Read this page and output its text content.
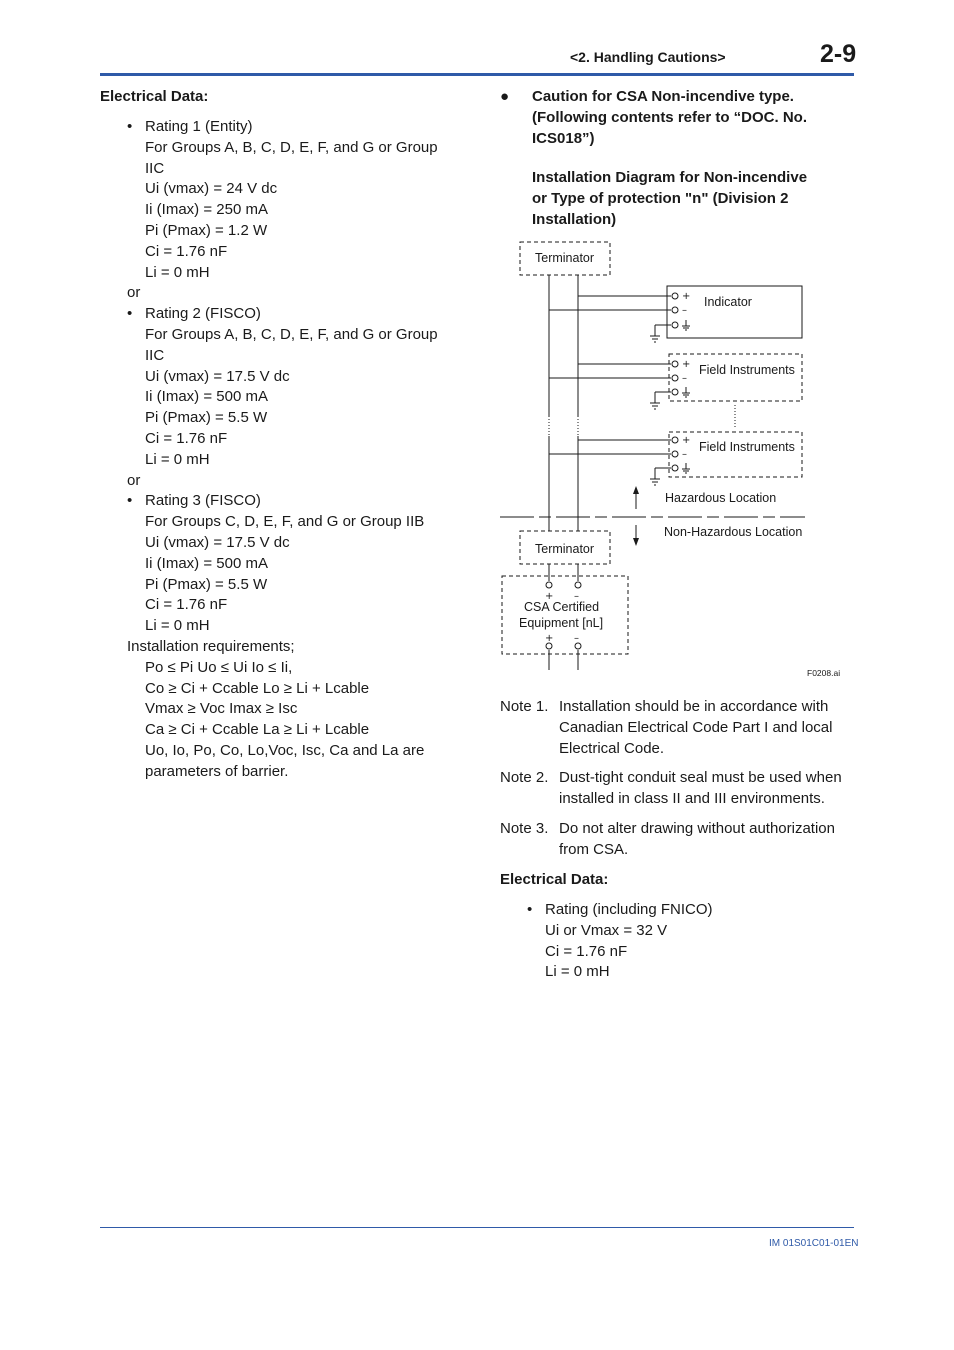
<2. Handling Cautions>	2-9
Electrical Data:
• Rating 1 (Entity)
For Groups A, B, C, D, E, F, and G or Group
IIC
Ui (vmax) = 24 V dc
Ii (Imax) = 250 mA
Pi (Pmax) = 1.2 W
Ci = 1.76 nF
Li = 0 mH
or
• Rating 2 (FISCO)
For Groups A, B, C, D, E, F, and G or Group
IIC
Ui (vmax) = 17.5 V dc
Ii (Imax) = 500 mA
Pi (Pmax) = 5.5 W
Ci = 1.76 nF
Li = 0 mH
or
• Rating 3 (FISCO)
For Groups C, D, E, F, and G or Group IIB
Ui (vmax) = 17.5 V dc
Ii (Imax) = 500 mA
Pi (Pmax) = 5.5 W
Ci = 1.76 nF
Li = 0 mH
Installation requirements;
Po ≤ Pi Uo ≤ Ui Io ≤ Ii,
Co ≥ Ci + Ccable Lo ≥ Li + Lcable
Vmax ≥ Voc Imax ≥ Isc
Ca ≥ Ci + Ccable La ≥ Li + Lcable
Uo, Io, Po, Co, Lo,Voc, Isc, Ca and La are
parameters of barrier.
● Caution for CSA Non-incendive type.
(Following contents refer to “DOC. No.
ICS018”)
Installation Diagram for Non-incendive
or Type of protection "n" (Division 2
Installation)
Terminator
Indicator
Field Instruments
Field Instruments
Hazardous Location
Non-Hazardous Location
Terminator
CSA Certified
Equipment [nL]
+
–
+
–
+
–
+ –
+ –
F0208.ai
Note 1. Installation should be in accordance with Canadian Electrical Code Part I and local Electrical Code.
Note 2. Dust-tight conduit seal must be used when installed in class II and III environments.
Note 3. Do not alter drawing without authorization from CSA.
Electrical Data:
• Rating (including FNICO)
Ui or Vmax = 32 V
Ci = 1.76 nF
Li = 0 mH
IM 01S01C01-01EN
